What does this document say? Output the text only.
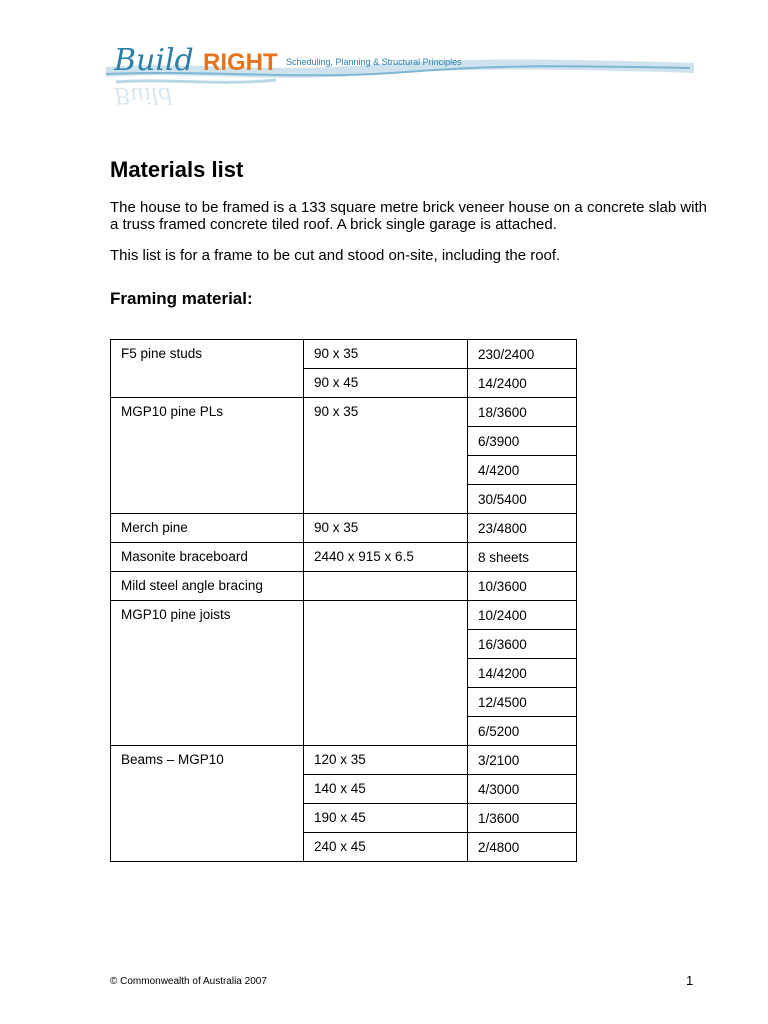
Build RIGHT Scheduling, Planning & Structural Principles
Build
Materials list

The house to be framed is a 133 square metre brick veneer house on a concrete slab with a truss framed concrete tiled roof. A brick single garage is attached.

This list is for a frame to be cut and stood on-site, including the roof.

Framing material:
F5 pine studs	90 x 35	230/2400
	90 x 45	14/2400
MGP10 pine PLs	90 x 35	18/3600
		6/3900
		4/4200
		30/5400
Merch pine	90 x 35	23/4800
Masonite braceboard	2440 x 915 x 6.5	8 sheets
Mild steel angle bracing		10/3600
MGP10 pine joists		10/2400
		16/3600
		14/4200
		12/4500
		6/5200
Beams – MGP10	120 x 35	3/2100
	140 x 45	4/3000
	190 x 45	1/3600
	240 x 45	2/4800
© Commonwealth of Australia 2007	1
